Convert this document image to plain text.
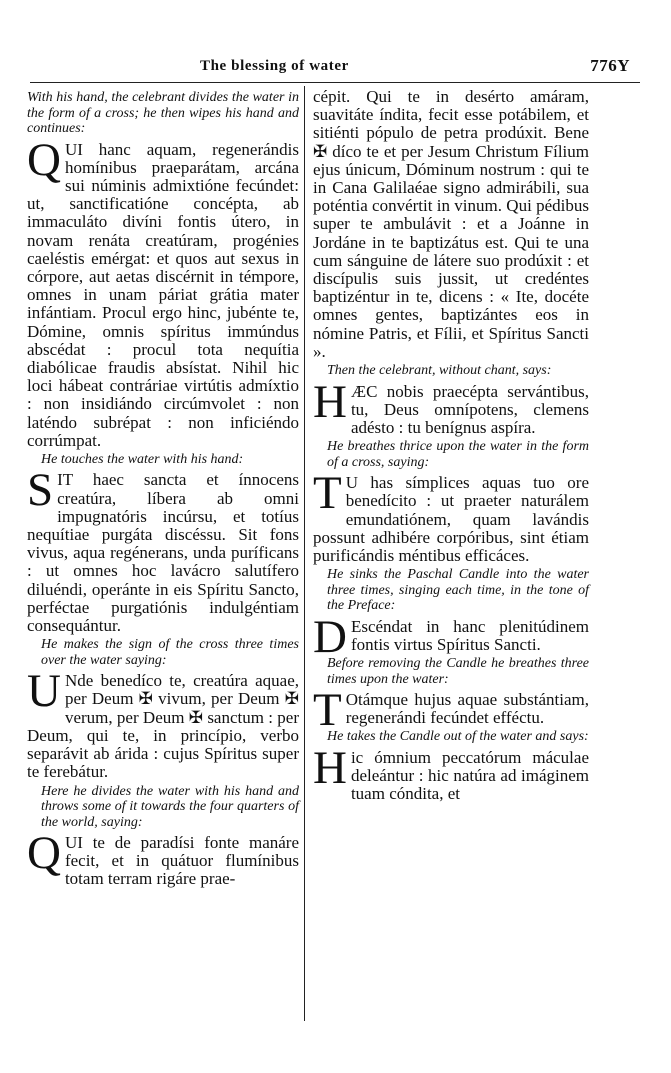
The blessing of water	776Y

With his hand, the celebrant divides the water in the form of a cross; he then wipes his hand and continues:

QUI hanc aquam, regenerándis homínibus praeparátam, arcána sui núminis admixtióne fecúndet: ut, sanctificatióne concépta, ab immaculáto divíni fontis útero, in novam renáta creatúram, progénies caeléstis emérgat: et quos aut sexus in córpore, aut aetas discérnit in témpore, omnes in unam páriat grátia mater infántiam. Procul ergo hinc, jubénte te, Dómine, omnis spíritus immúndus abscédat : procul tota nequítia diabólicae fraudis absístat. Nihil hic loci hábeat contráriae virtútis admíxtio : non insidiándo circúmvolet : non laténdo subrépat : non inficiéndo corrúmpat.

He touches the water with his hand:

SIT haec sancta et ínnocens creatúra, líbera ab omni impugnatóris incúrsu, et totíus nequítiae purgáta discéssu. Sit fons vivus, aqua regénerans, unda puríficans : ut omnes hoc lavácro salutífero diluéndi, operánte in eis Spíritu Sancto, perféctae purgatiónis indulgéntiam consequántur.

He makes the sign of the cross three times over the water saying:

U Nde benedíco te, creatúra aquae, per Deum ✠ vivum, per Deum ✠ verum, per Deum ✠ sanctum : per Deum, qui te, in princípio, verbo separávit ab árida : cujus Spíritus super te ferebátur.

Here he divides the water with his hand and throws some of it towards the four quarters of the world, saying:

QUI te de paradísi fonte manáre fecit, et in quátuor flumínibus totam terram rigáre prae-

cépit. Qui te in desérto amáram, suavitáte índita, fecit esse potábilem, et sitiénti pópulo de petra prodúxit. Bene ✠ díco te et per Jesum Christum Fílium ejus únicum, Dóminum nostrum : qui te in Cana Galilaéae signo admirábili, sua poténtia convértit in vinum. Qui pédibus super te ambulávit : et a Joánne in Jordáne in te baptizátus est. Qui te una cum sánguine de látere suo prodúxit : et discípulis suis jussit, ut credéntes baptizéntur in te, dicens : « Ite, docéte omnes gentes, baptizántes eos in nómine Patris, et Fílii, et Spíritus Sancti ».

Then the celebrant, without chant, says:

HÆC nobis praecépta servántibus, tu, Deus omnípotens, clemens adésto : tu benígnus aspíra.

He breathes thrice upon the water in the form of a cross, saying:

T U has símplices aquas tuo ore benedícito : ut praeter naturálem emundatiónem, quam lavándis possunt adhibére corpóribus, sint étiam purificándis méntibus efficáces.

He sinks the Paschal Candle into the water three times, singing each time, in the tone of the Preface:

D Escéndat in hanc plenitúdinem fontis virtus Spíritus Sancti.

Before removing the Candle he breathes three times upon the water:

T Otámque hujus aquae substántiam, regenerándi fecúndet efféctu.

He takes the Candle out of the water and says:

Hic ómnium peccatórum máculae deleántur : hic natúra ad imáginem tuam cóndita, et
